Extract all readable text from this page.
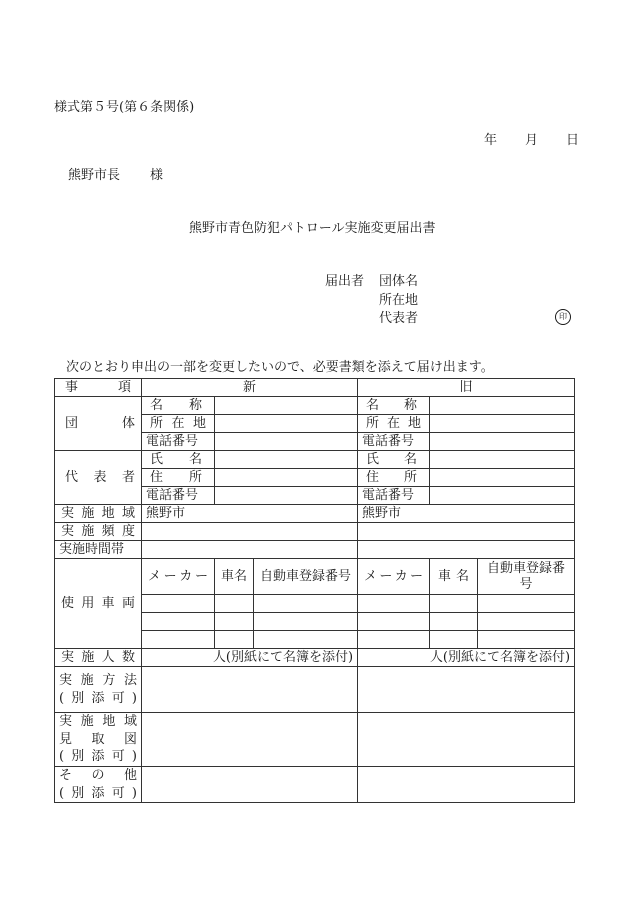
様式第５号(第６条関係)
年 月 日
熊野市長 様
熊野市青色防犯パトロール実施変更届出書
届出者 団体名
所在地
代表者	印
次のとおり申出の一部を変更したいので、必要書類を添えて届け出ます。
事 項	新			旧		

団 体	名 称			名 称		

	所 在 地			所 在 地		

	電話番号			電話番号		

代 表 者	氏 名			氏 名		

	住 所			住 所		

	電話番号			電話番号		

実 施 地 域	熊野市			熊野市		

実 施 頻 度						

実施時間帯						

使 用 車 両	メ ー カ ー	車名	自動車登録番号	メ ー カ ー	車 名	自動車登録番号

実 施 人 数	人(別紙にて名簿を添付)			人(別紙にて名簿を添付)		

実施方法
(別添可)						

実施地域
見取図
(別添可)						

そ の 他
(別添可)						
